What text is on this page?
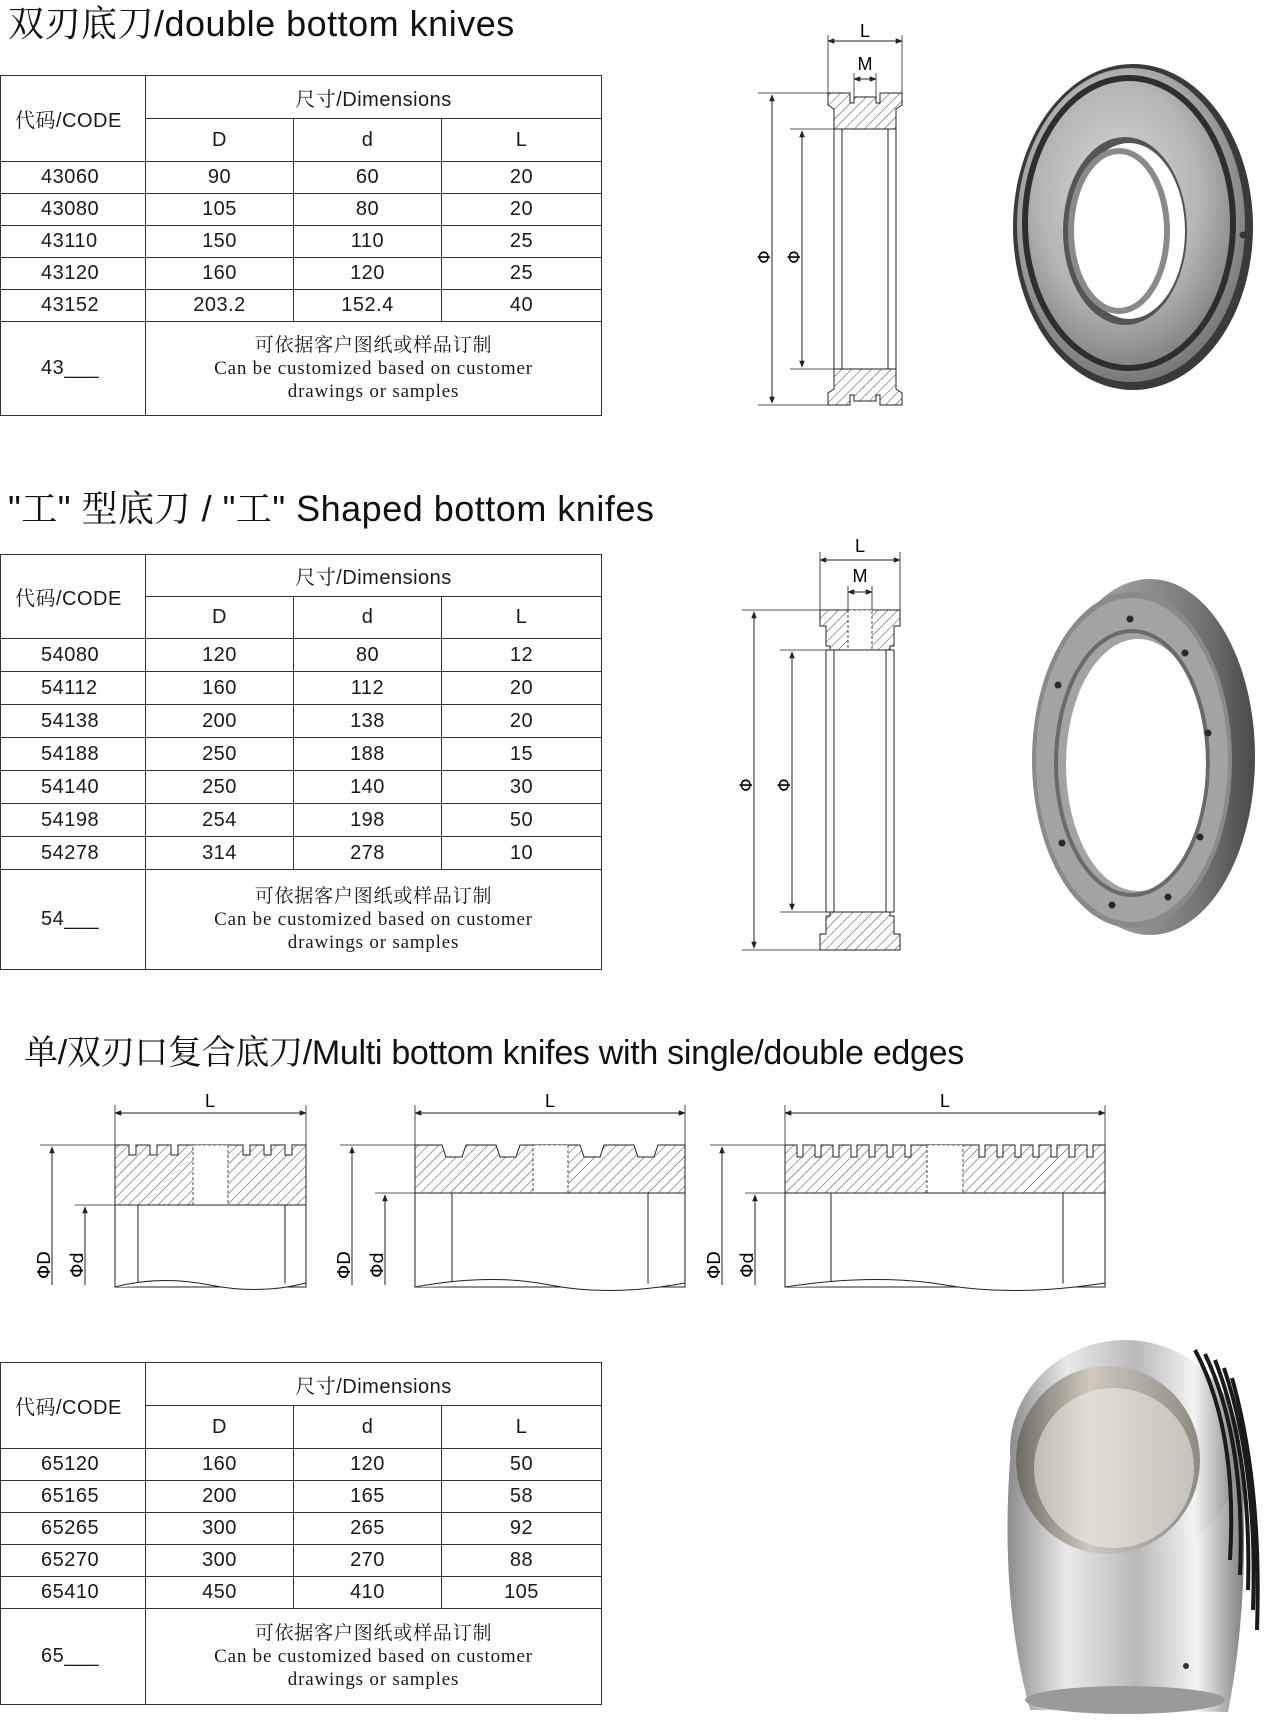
双刃底刀/double bottom knives
代码/CODE	尺寸/Dimensions		
	D	d	L
43060	90	60	20
43080	105	80	20
43110	150	110	25
43120	160	120	25
43152	203.2	152.4	40
43___	可依据客户图纸或样品订制
Can be customized based on customer
drawings or samples		
L
M
Φ Φ
"工" 型底刀 / "工" Shaped bottom knifes
代码/CODE	尺寸/Dimensions		
	D	d	L
54080	120	80	12
54112	160	112	20
54138	200	138	20
54188	250	188	15
54140	250	140	30
54198	254	198	50
54278	314	278	10
54___	可依据客户图纸或样品订制
Can be customized based on customer
drawings or samples		
L
M
Φ Φ
单/双刃口复合底刀/Multi bottom knifes with single/double edges
L
ΦD Φd
L
ΦD Φd
L
ΦD Φd
代码/CODE	尺寸/Dimensions		
	D	d	L
65120	160	120	50
65165	200	165	58
65265	300	265	92
65270	300	270	88
65410	450	410	105
65___	可依据客户图纸或样品订制
Can be customized based on customer
drawings or samples		
